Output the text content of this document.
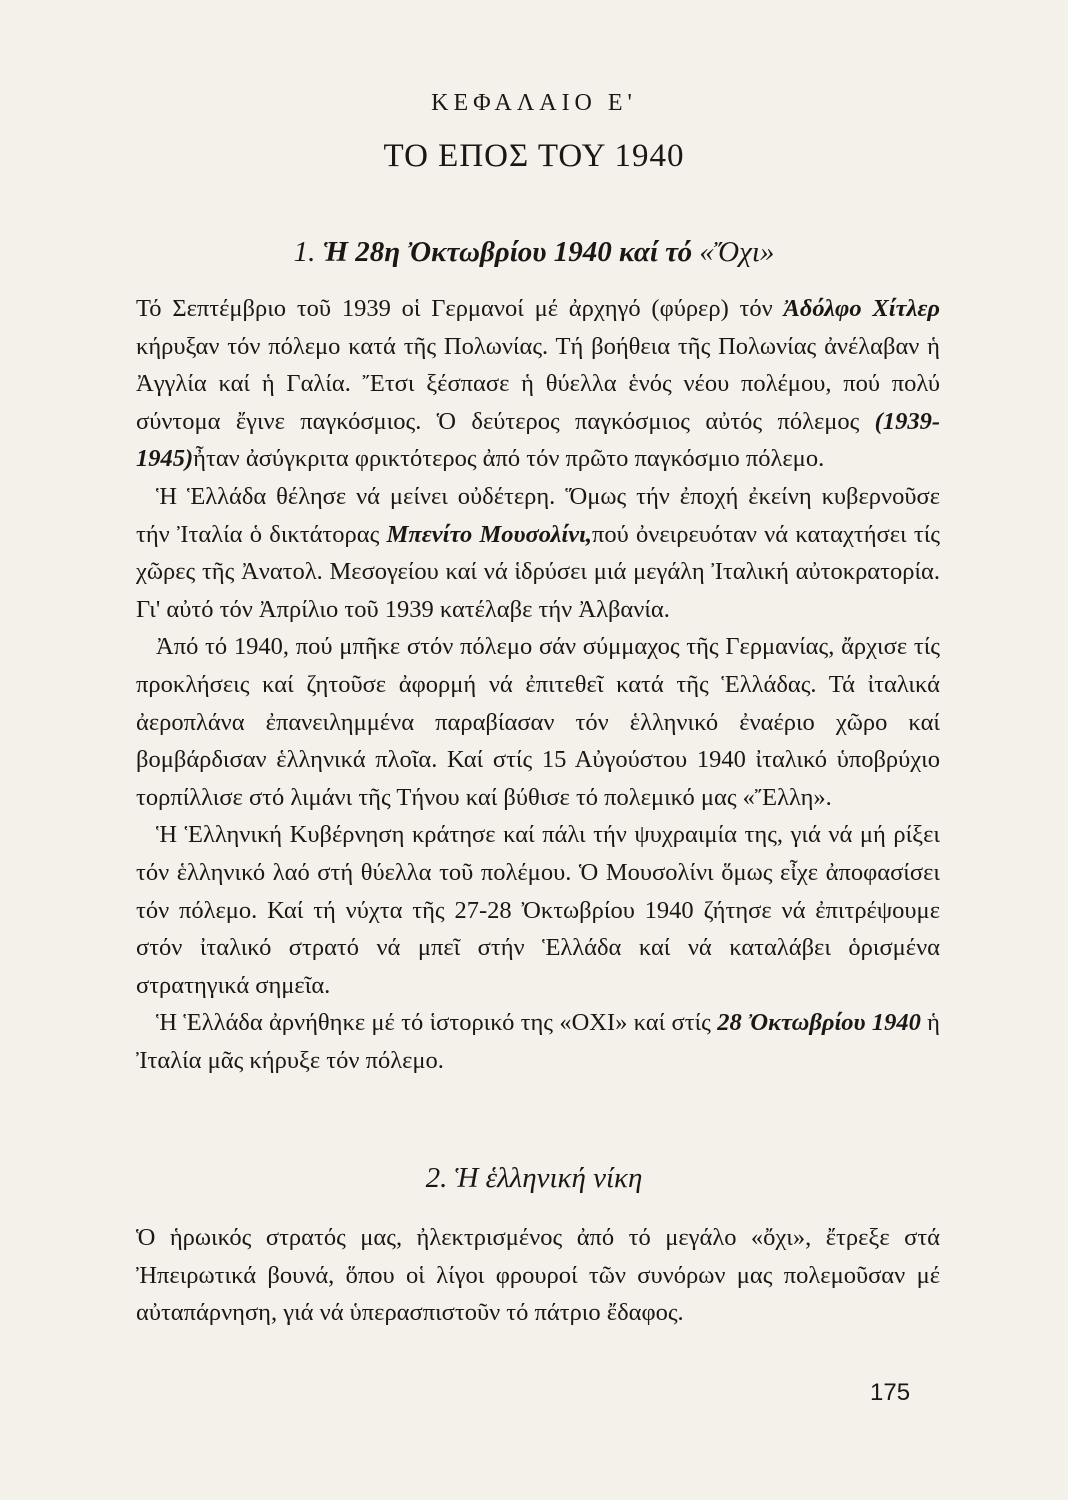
ΚΕΦΑΛΑΙΟ Ε'
ΤΟ ΕΠΟΣ ΤΟΥ 1940
1. Ἡ 28η Ὀκτωβρίου 1940 καί τό «Ὄχι»

Τό Σεπτέμβριο τοῦ 1939 οἱ Γερμανοί μέ ἀρχηγό (φύρερ) τόν Ἀδόλφο Χίτλερ κήρυξαν τόν πόλεμο κατά τῆς Πολωνίας. Τή βοήθεια τῆς Πολωνίας ἀνέλαβαν ἡ Ἀγγλία καί ἡ Γαλία. Ἔτσι ξέσπασε ἡ θύελλα ἑνός νέου πολέμου, πού πολύ σύντομα ἔγινε παγκόσμιος. Ὁ δεύτερος παγκόσμιος αὐτός πόλεμος (1939-1945)ἦταν ἀσύγκριτα φρικτότερος ἀπό τόν πρῶτο παγκόσμιο πόλεμο.

Ἡ Ἑλλάδα θέλησε νά μείνει οὐδέτερη. Ὅμως τήν ἐποχή ἐκείνη κυβερνοῦσε τήν Ἰταλία ὁ δικτάτορας Μπενίτο Μουσολίνι,πού ὀνειρευόταν νά καταχτήσει τίς χῶρες τῆς Ἀνατολ. Μεσογείου καί νά ἱδρύσει μιά μεγάλη Ἰταλική αὐτοκρατορία. Γι' αὐτό τόν Ἀπρίλιο τοῦ 1939 κατέλαβε τήν Ἀλβανία.

Ἀπό τό 1940, πού μπῆκε στόν πόλεμο σάν σύμμαχος τῆς Γερμανίας, ἄρχισε τίς προκλήσεις καί ζητοῦσε ἀφορμή νά ἐπιτεθεῖ κατά τῆς Ἑλλάδας. Τά ἰταλικά ἀεροπλάνα ἐπανειλημμένα παραβίασαν τόν ἑλληνικό ἐναέριο χῶρο καί βομβάρδισαν ἑλληνικά πλοῖα. Καί στίς 15 Αὐγούστου 1940 ἰταλικό ὑποβρύχιο τορπίλλισε στό λιμάνι τῆς Τήνου καί βύθισε τό πολεμικό μας «Ἔλλη».

Ἡ Ἑλληνική Κυβέρνηση κράτησε καί πάλι τήν ψυχραιμία της, γιά νά μή ρίξει τόν ἑλληνικό λαό στή θύελλα τοῦ πολέμου. Ὁ Μουσολίνι ὅμως εἶχε ἀποφασίσει τόν πόλεμο. Καί τή νύχτα τῆς 27-28 Ὀκτωβρίου 1940 ζήτησε νά ἐπιτρέψουμε στόν ἰταλικό στρατό νά μπεῖ στήν Ἑλλάδα καί νά καταλάβει ὁρισμένα στρατηγικά σημεῖα.

Ἡ Ἑλλάδα ἀρνήθηκε μέ τό ἱστορικό της «ΟΧΙ» καί στίς 28 Ὀκτωβρίου 1940 ἡ Ἰταλία μᾶς κήρυξε τόν πόλεμο.

2. Ἡ ἑλληνική νίκη

Ὁ ἡρωικός στρατός μας, ἠλεκτρισμένος ἀπό τό μεγάλο «ὄχι», ἔτρεξε στά Ἠπειρωτικά βουνά, ὅπου οἱ λίγοι φρουροί τῶν συνόρων μας πολεμοῦσαν μέ αὐταπάρνηση, γιά νά ὑπερασπιστοῦν τό πάτριο ἔδαφος.

175
